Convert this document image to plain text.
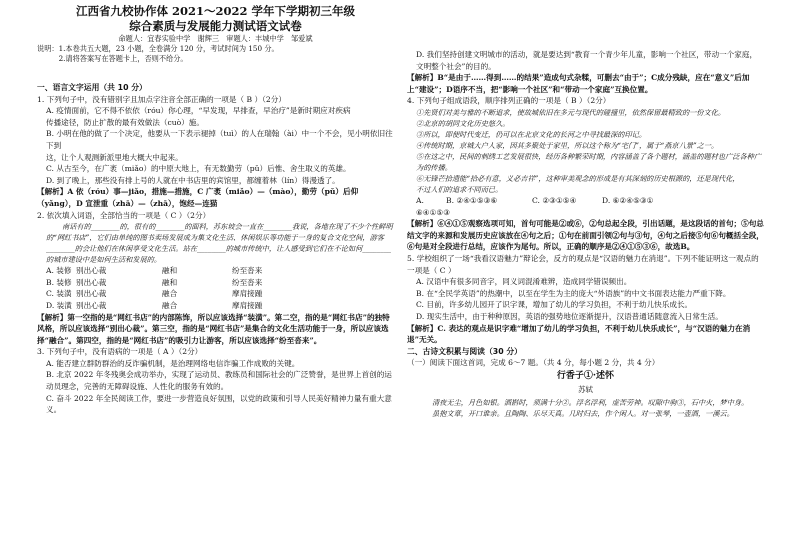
江西省九校协作体 2021～2022 学年下学期初三年级
综合素质与发展能力测试语文试卷
命题人：宜春实验中学　谢辉三　审题人：丰城中学　邹爱斌
说明：1.本卷共五大题，23 小题，全卷满分 120 分，考试时间为 150 分。
　　　2.请将答案写在答题卡上，否则不给分。

一、语言文字运用（共 10 分）

1. 下列句子中，没有错别字且加点字注音全部正确的一项是（ B ）（2分）

A. 疫情面前，它不得不依依（róu）你心理，“早发现，早排查，早治疗”是新时期应对疾病

传播途径，防止扩散的最有效做法（cuò）施。

B. 小明在他的做了一个决定，他要从一下表示褪掉（tuì）的人在瑞翰（ài）中一个不会，见小明依旧往下到

这，让个人观测新派里地大概大中起来。

C. 从古至今，在广袤（miǎo）的中原大地上，有无数勤劳（pǔ）后惟、舍生取义的英雄。

D. 到了晚上，那些没有排上号的人就在中书店里的宾馆里，都缠着林（lín）得漫透了。

【解析】A 依（róu）事—jiǎo，措施—措施，C 广袤（miǎo）—（mào），勤劳（pǔ）后仰（yǎng），D 宣泄重（zhā）—（zhā），饱经—连猫

2. 依次填入词语，全部恰当的一项是（ C ）（2分）

南话有的________的，很有的________的面料，苏东坡会一直在________我说，各地在现了不少个性鲜明的“网红书店”，它们由单纯的图书卖场发展成为集文化生活、休闲娱乐等功能于一身的复合文化空间，游客________的会让他们在休闲享受文化生活。站在________的城市传统中，让人感受到它们在不论如何________的城市建设中是如何生活和发展的。

A. 装修 别出心裁	融和	纷至沓来
B. 装修 别出心裁	融和	纷至沓来
C. 装潢 别出心裁	融合	摩肩接踵
D. 装潢 别出心裁	融合	摩肩接踵

【解析】第一空指的是“网红书店”的内部陈饰，所以应该选择“装潢”。第二空，指的是“网红书店”的独特风格，所以应该选择“别出心裁”。第三空，指的是“网红书店”是集合的文化生活功能于一身，所以应该选择“融合”。第四空，指的是“网红书店”的吸引力让游客，所以应该选择“纷至沓来”。

3. 下列句子中，没有语病的一项是（ A ）（2分）

A. 能否建立群防群治的反诈骗机制，是治理网络电信诈骗工作成败的关键。

B. 北京 2022 年冬残奥会成功举办，实现了运动员、教练员和国际社会的广泛赞誉，是世界上首创的运动员理念，完善的无障碍设施、人性化的服务有效的。

C. 奋斗 2022 年全民阅读工作，要进一步营造良好氛围，以党的政策和引导人民美好精神力量有重大意义。

D. 我们坚持创建文明城市的活动，就是要达到“教育一个青少年儿童，影响一个社区，带动一个家庭，文明整个社会”的目的。

【解析】B“是由于……得到……的结果”造成句式杂糅，可删去“由于”；C成分残缺，应在“意义”后加上“建设”；D语序不当，把“影响一个社区”和“带动一个家庭”互换位置。

4. 下列句子组成语段，顺序排列正确的一项是（ B ）（2分）

①先贤们对美与雅的不断追求，使故城依旧在多元与现代的碰撞里，依然保留最精致的一份文化。

②北京的胡同文化历史悠久。

③所以，即便时代变迁，仍可以在北京文化的长河之中寻找最深的印记。

④传统时期，京城大户人家，因其多聚处于家里，所以这个称为“宅门”，属于“燕京八景”之一。

⑤在这之中，民间的刺绣工艺发展很快，经历各种繁荣时期，内容涵盖了各个题材，涵盖的题材也广泛各种广为的传播。

⑥无锋芒拾遗能“拾必有意，义必吉祥”，这种审美观念的形成是有其深刻的历史根源的，还是现代化，

不过人们的追求不同而已。

A. ⑥④①⑤③
B. ②④①⑤③⑥	C. ②③①⑤④	D. ⑥②④⑤③①

【解析】⑥④①⑤观察选项可知，首句可能是②或⑥，②句总起全段，引出话题，是这段话的首句；⑤句总结文字的来源和发展历史应该放在④句之后；①句在前面引领②句与③句，④句之后接⑤句⑥句概括全段，⑥句是对全段进行总结，应该作为尾句。所以，正确的顺序是②④①⑤③⑥，故选B。

5. 学校组织了一场“我看汉语魅力”辩论会，反方的观点是“汉语的魅力在消退”。下列不能证明这一观点的一项是（ C ）

A. 汉语中有很多同音字，同义词混淆难辨，造成同学错误频出。

B. 在“全民学英语”的热潮中，以至在学生为主的庞大“外语族”的中文书面表达能力严重下降。

C. 目前，许多幼儿园开了识字课，增加了幼儿的学习负担，不利于幼儿快乐成长。

D. 现实生活中，由于种种原因，英语的强势地位逐渐提升，汉语普通话随意流入日常生活。

【解析】C. 表达的观点是识字难“增加了幼儿的学习负担，不利于幼儿快乐成长”，与“汉语的魅力在消退”无关。

二、古诗文积累与阅读（30 分）

（一）阅读下面这首词，完成 6～7 题。（共 4 分，每小题 2 分，共 4 分）

行香子①·述怀
苏轼

清夜无尘，月色如银。酒斟时，须满十分②。浮名浮利，虚苦劳神。叹隙中驹③，石中火，梦中身。

虽抱文章，开口谁亲。且陶陶、乐尽天真。几时归去，作个闲人。对一张琴，一壶酒，一溪云。
